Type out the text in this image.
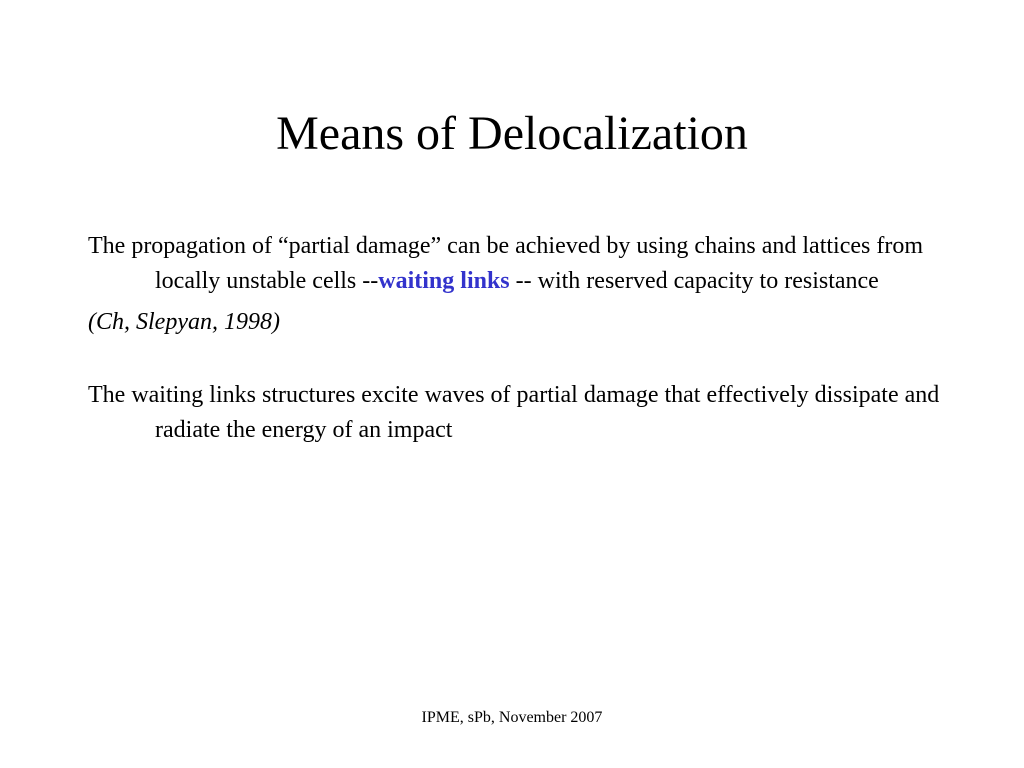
Means of Delocalization

The propagation of “partial damage” can be achieved by using chains and lattices from locally unstable cells --waiting links -- with reserved capacity to resistance

(Ch, Slepyan, 1998)

The waiting links structures excite waves of partial damage that effectively dissipate and radiate the energy of an impact

IPME, sPb, November 2007
